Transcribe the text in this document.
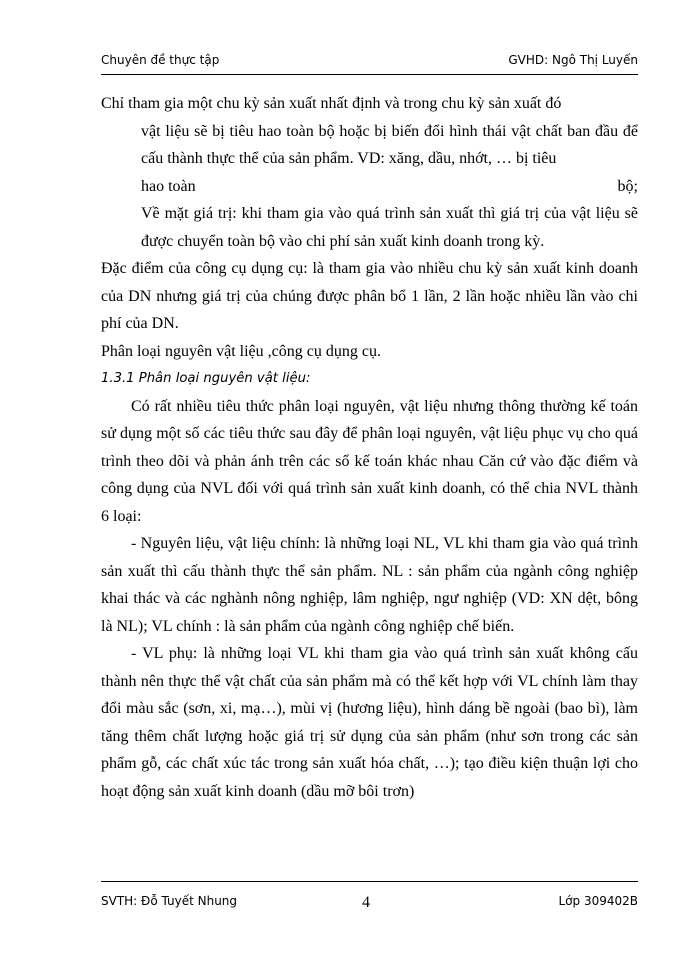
Chuyên đề thực tập	GVHD: Ngô Thị Luyến

Chỉ tham gia một chu kỳ sản xuất nhất định và trong chu kỳ sản xuất đó

vật liệu sẽ bị tiêu hao toàn bộ hoặc bị biến đổi hình thái vật chất ban đầu để cấu thành thực thể của sản phẩm. VD: xăng, dầu, nhớt, … bị tiêu

hao toàn	bộ;

Về mặt giá trị: khi tham gia vào quá trình sản xuất thì giá trị của vật liệu sẽ được chuyển toàn bộ vào chi phí sản xuất kinh doanh trong kỳ.

Đặc điểm của công cụ dụng cụ: là tham gia vào nhiều chu kỳ sản xuất kinh doanh của DN nhưng giá trị của chúng được phân bổ 1 lần, 2 lần hoặc nhiều lần vào chi phí của DN.

Phân loại nguyên vật liệu ,công cụ dụng cụ.

1.3.1 Phân loại nguyên vật liệu:

Có rất nhiều tiêu thức phân loại nguyên, vật liệu nhưng thông thường kế toán sử dụng một số các tiêu thức sau đây để phân loại nguyên, vật liệu phục vụ cho quá trình theo dõi và phản ánh trên các sổ kế toán khác nhau Căn cứ vào đặc điểm và công dụng của NVL đối với quá trình sản xuất kinh doanh, có thể chia NVL thành 6 loại:

- Nguyên liệu, vật liệu chính: là những loại NL, VL khi tham gia vào quá trình sản xuất thì cấu thành thực thể sản phẩm. NL : sản phẩm của ngành công nghiệp khai thác và các nghành nông nghiệp, lâm nghiệp, ngư nghiệp (VD: XN dệt, bông là NL); VL chính : là sản phẩm của ngành công nghiệp chế biến.

- VL phụ: là những loại VL khi tham gia vào quá trình sản xuất không cấu thành nên thực thể vật chất của sản phẩm mà có thể kết hợp với VL chính làm thay đổi màu sắc (sơn, xi, mạ…), mùi vị (hương liệu), hình dáng bề ngoài (bao bì), làm tăng thêm chất lượng hoặc giá trị sử dụng của sản phẩm (như sơn trong các sản phẩm gỗ, các chất xúc tác trong sản xuất hóa chất, …); tạo điều kiện thuận lợi cho hoạt động sản xuất kinh doanh (dầu mỡ bôi trơn)

SVTH: Đỗ Tuyết Nhung	4	Lớp 309402B
